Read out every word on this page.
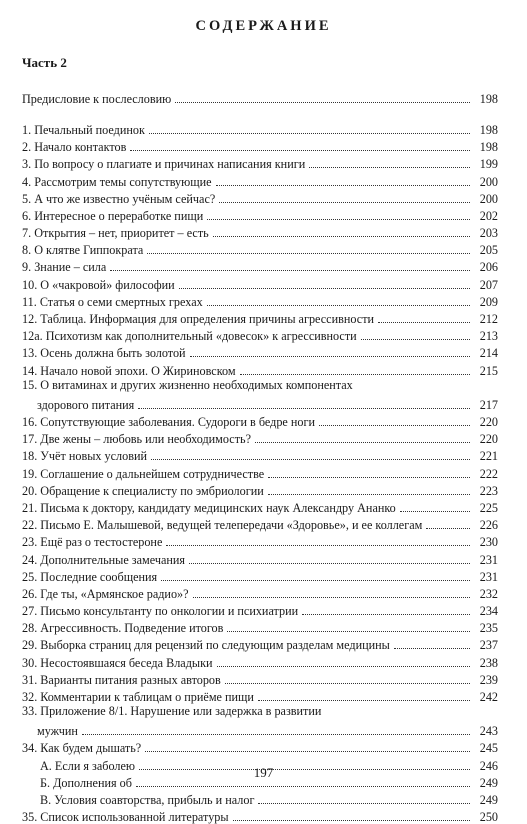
СОДЕРЖАНИЕ
Часть 2
Предисловие к послесловию	198
1. Печальный поединок	198
2. Начало контактов	198
3. По вопросу о плагиате и причинах написания книги	199
4. Рассмотрим темы сопутствующие	200
5. А что же известно учёным сейчас?	200
6. Интересное о переработке пищи	202
7. Открытия – нет, приоритет – есть	203
8. О клятве Гиппократа	205
9. Знание – сила	206
10. О «чакровой» философии	207
11. Статья о семи смертных грехах	209
12. Таблица. Информация для определения причины агрессивности	212
12а. Психотизм как дополнительный «довесок» к агрессивности	213
13. Осень должна быть золотой	214
14. Начало новой эпохи. О Жириновском	215
15. О витаминах и других жизненно необходимых компонентах
здорового питания	217
16. Сопутствующие заболевания. Судороги в бедре ноги	220
17. Две жены – любовь или необходимость?	220
18. Учёт новых условий	221
19. Соглашение о дальнейшем сотрудничестве	222
20. Обращение к специалисту по эмбриологии	223
21. Письма к доктору, кандидату медицинских наук Александру Ананко	225
22. Письмо Е. Малышевой, ведущей телепередачи «Здоровье», и ее коллегам	226
23. Ещё раз о тестостероне	230
24. Дополнительные замечания	231
25. Последние сообщения	231
26. Где ты, «Армянское радио»?	232
27. Письмо консультанту по онкологии и психиатрии	234
28. Агрессивность. Подведение итогов	235
29. Выборка страниц для рецензий по следующим разделам медицины	237
30. Несостоявшаяся беседа Владыки	238
31. Варианты питания разных авторов	239
32. Комментарии к таблицам о приёме пищи	242
33. Приложение 8/1. Нарушение или задержка в развитии
мужчин	243
34. Как будем дышать?	245
А. Если я заболею	246
Б. Дополнения об	249
В. Условия соавторства, прибыль и налог	249
35. Список использованной литературы	250
197
